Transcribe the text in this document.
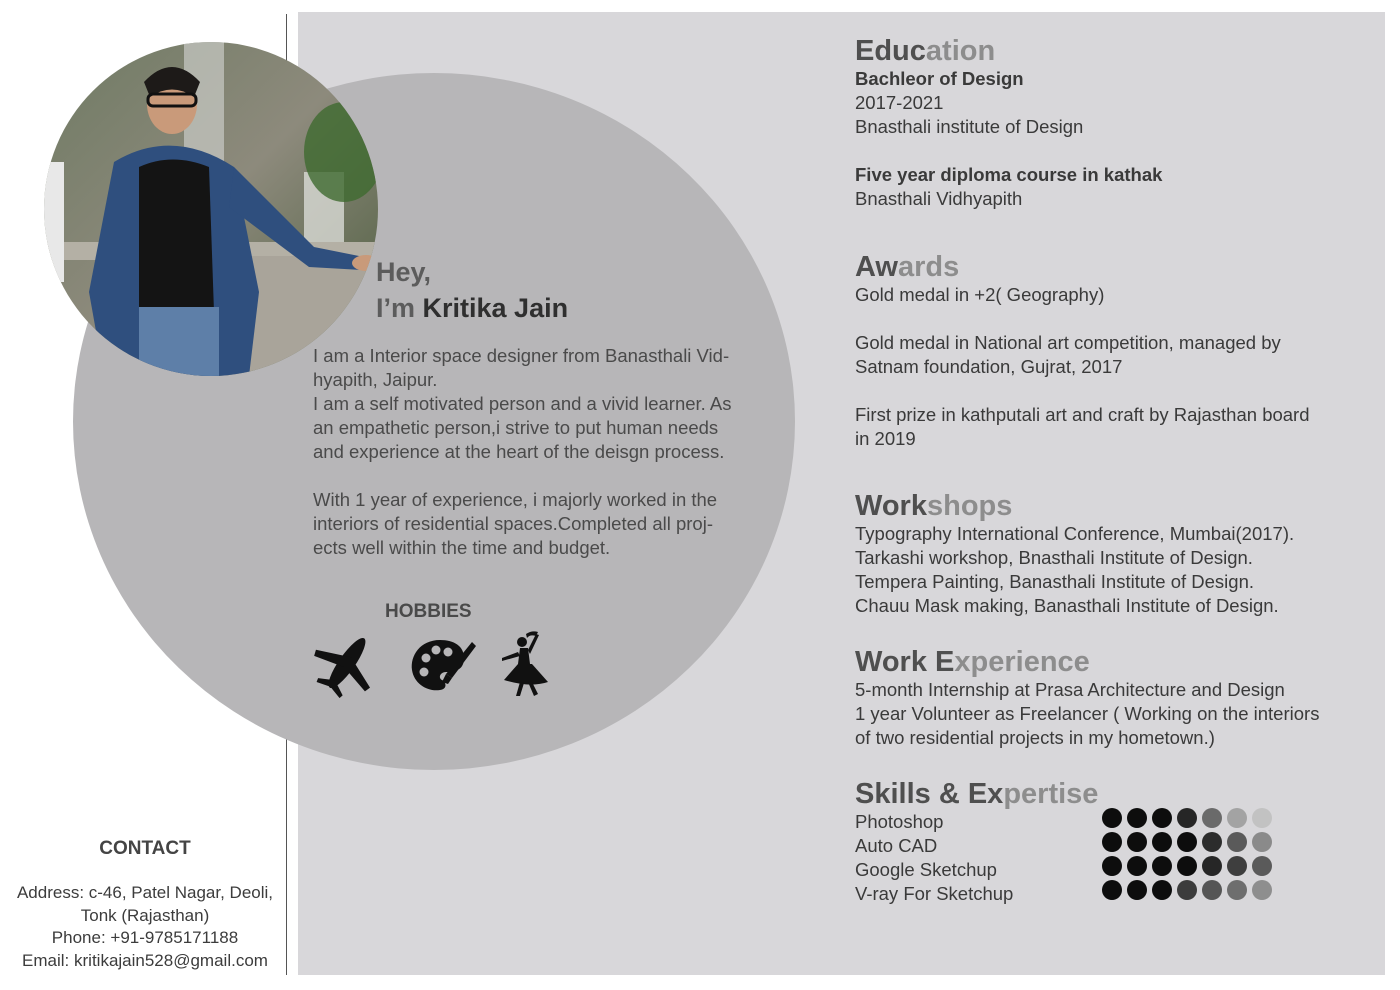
Hey,
I’m Kritika Jain

I am a Interior space designer from Banasthali Vid-
hyapith, Jaipur.
I am a self motivated person and a vivid learner. As
an empathetic person,i strive to put human needs
and experience at the heart of the deisgn process.

With 1 year of experience, i majorly worked in the
interiors of residential spaces.Completed all proj-
ects well within the time and budget.

HOBBIES
CONTACT
Address: c-46, Patel Nagar, Deoli,
Tonk (Rajasthan)
Phone: +91-9785171188
Email: kritikajain528@gmail.com
Education
Bachleor of Design
2017-2021
Bnasthali institute of Design
Five year diploma course in kathak
Bnasthali Vidhyapith
Awards
Gold medal in +2( Geography)
Gold medal in National art competition, managed by
Satnam foundation, Gujrat, 2017
First prize in kathputali art and craft by Rajasthan board
in 2019
Workshops
Typography International Conference, Mumbai(2017).
Tarkashi workshop, Bnasthali Institute of Design.
Tempera Painting, Banasthali Institute of Design.
Chauu Mask making, Banasthali Institute of Design.
Work Experience
5-month Internship at Prasa Architecture and Design
1 year Volunteer as Freelancer ( Working on the interiors
of two residential projects in my hometown.)
Skills & Expertise
Photoshop
Auto CAD
Google Sketchup
V-ray For Sketchup
